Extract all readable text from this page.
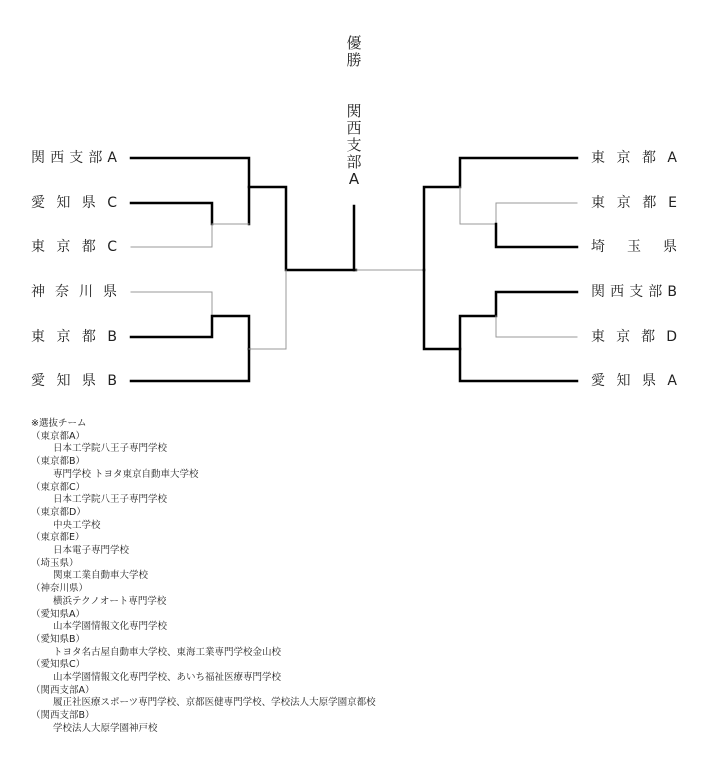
優勝
関西支部A
関西支部A
愛知県C
東京都C
神奈川県
東京都B
愛知県B
東京都A
東京都E
埼玉県
関西支部B
東京都D
愛知県A

※選抜チーム

（東京都A）

日本工学院八王子専門学校

（東京都B）

専門学校 トヨタ東京自動車大学校

（東京都C）

日本工学院八王子専門学校

（東京都D）

中央工学校

（東京都E）

日本電子専門学校

（埼玉県）

関東工業自動車大学校

（神奈川県）

横浜テクノオート専門学校

（愛知県A）

山本学園情報文化専門学校

（愛知県B）

トヨタ名古屋自動車大学校、東海工業専門学校金山校

（愛知県C）

山本学園情報文化専門学校、あいち福祉医療専門学校

（関西支部A）

履正社医療スポーツ専門学校、京都医健専門学校、学校法人大原学園京都校

（関西支部B）

学校法人大原学園神戸校
